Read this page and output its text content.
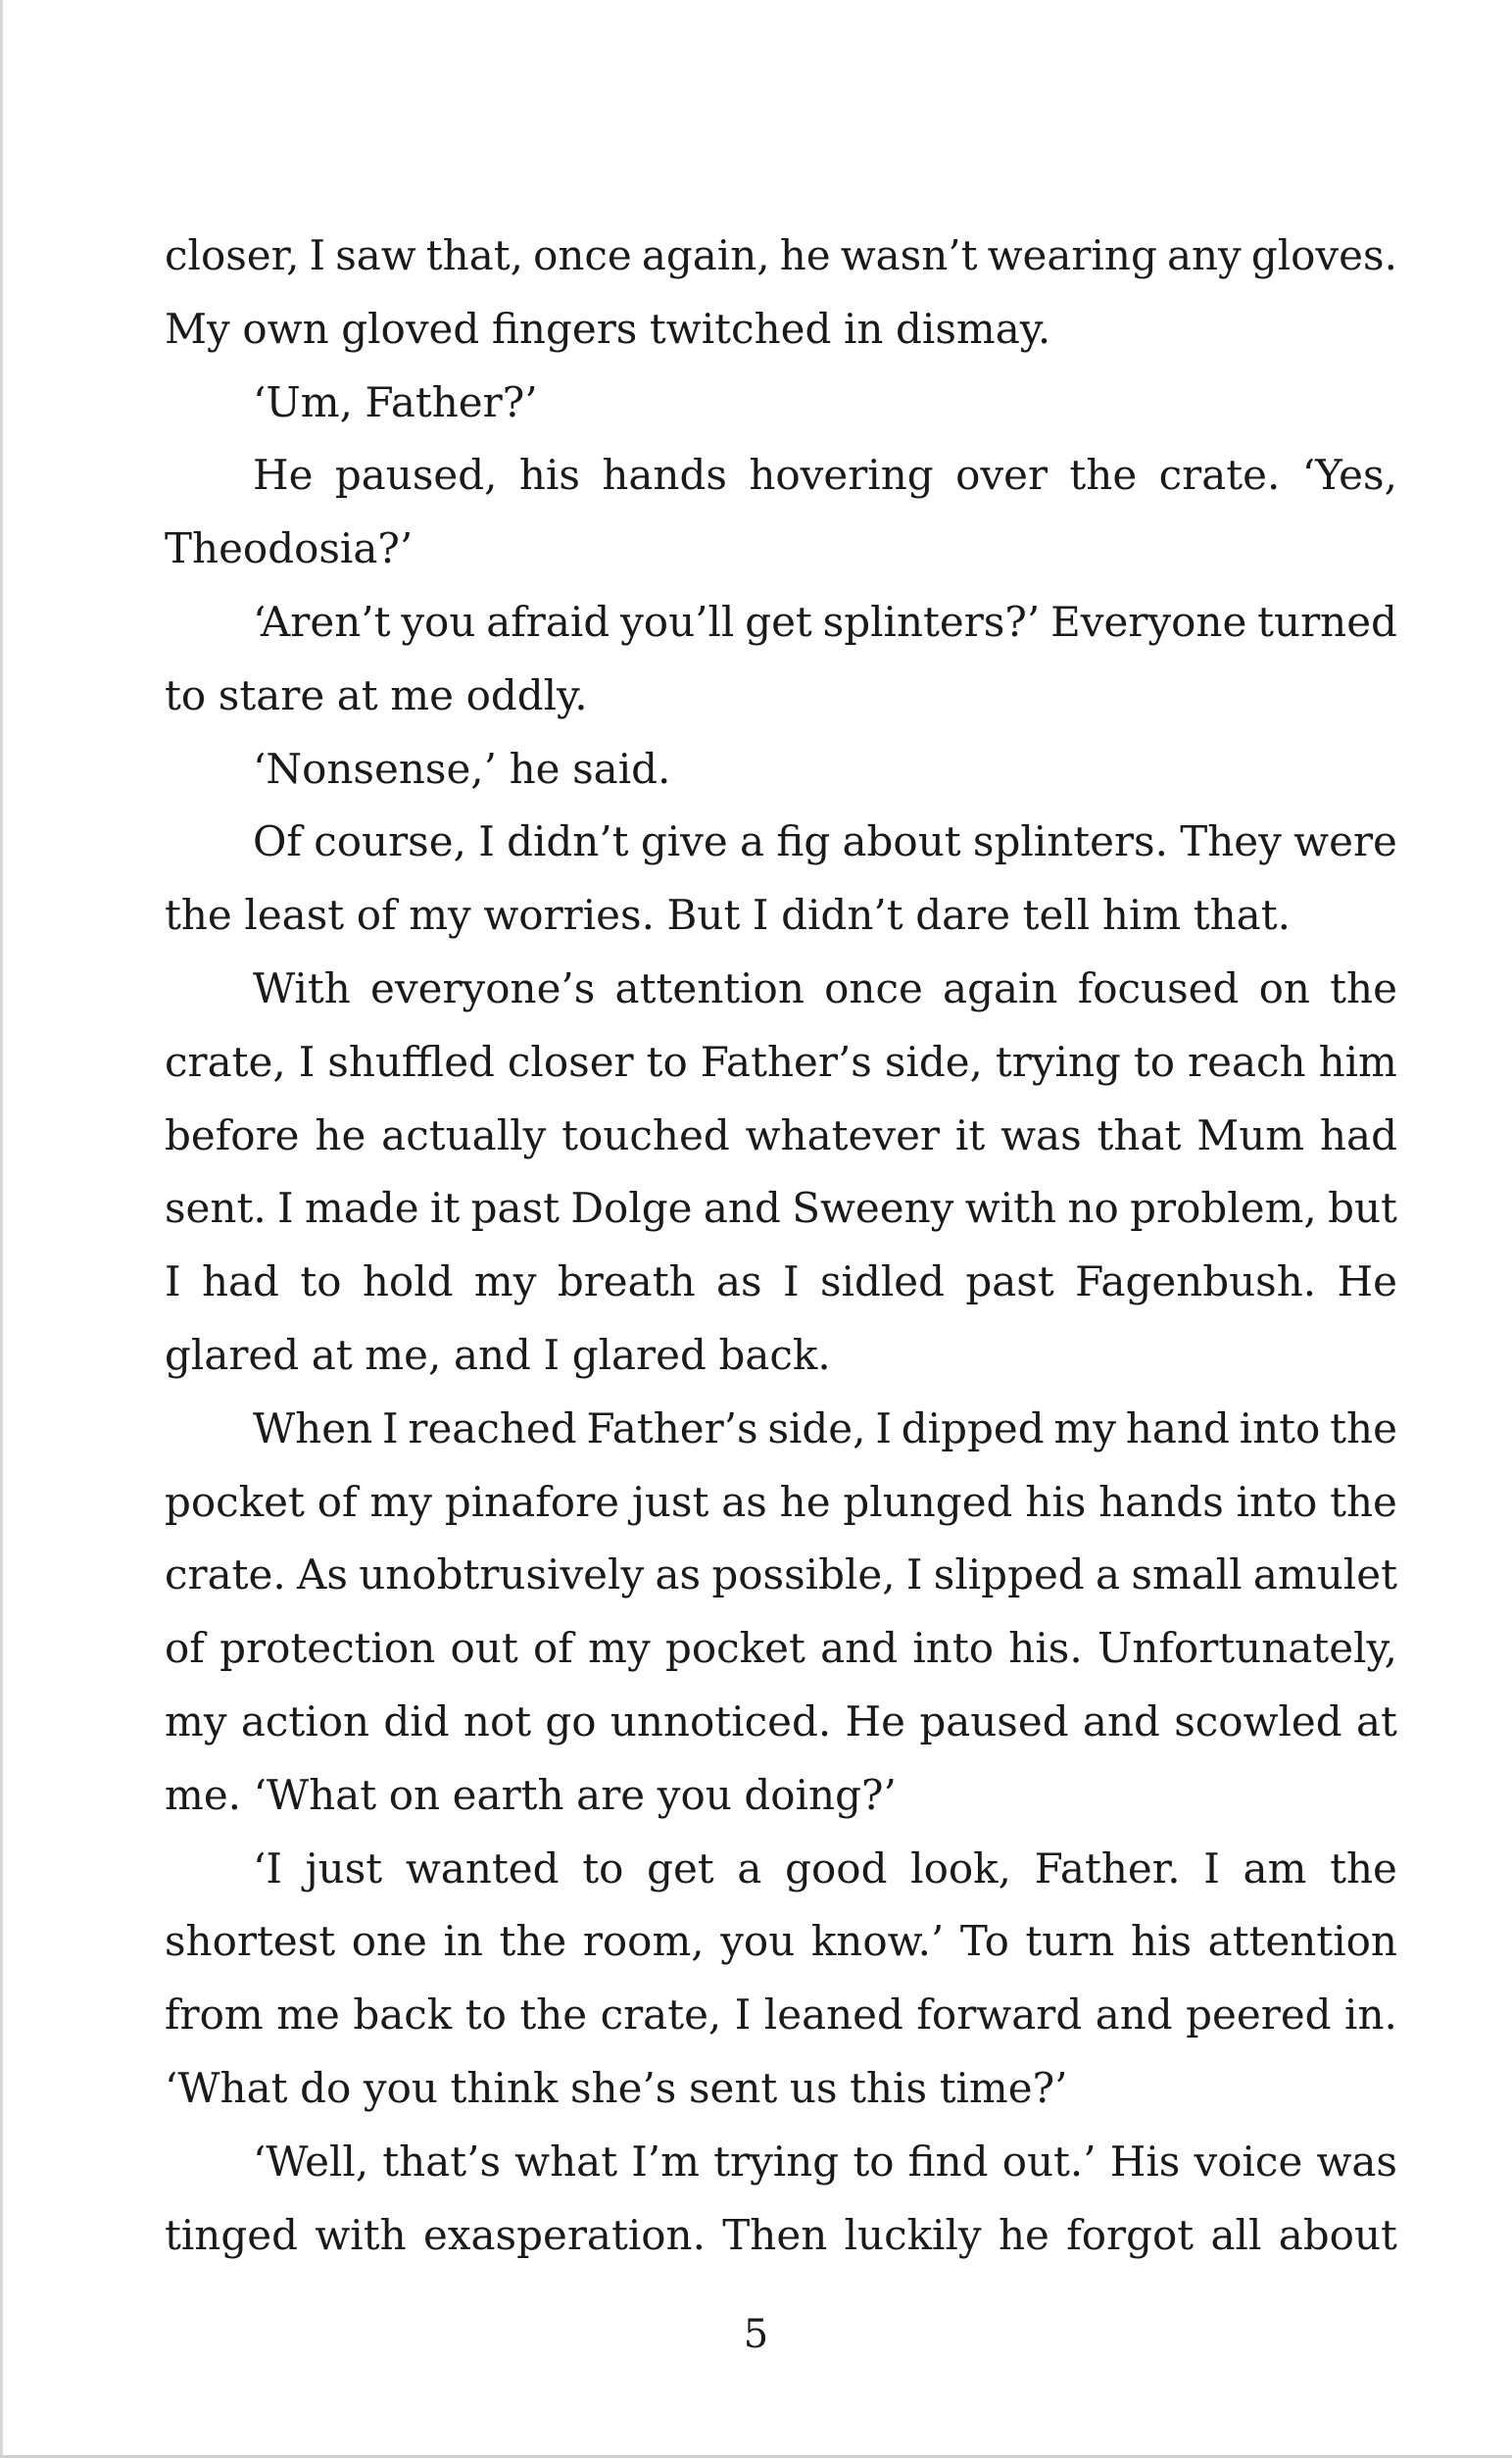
closer, I saw that, once again, he wasn’t wearing any gloves.
My own gloved fingers twitched in dismay.
‘Um, Father?’
He paused, his hands hovering over the crate. ‘Yes,
Theodosia?’
‘Aren’t you afraid you’ll get splinters?’ Everyone turned
to stare at me oddly.
‘Nonsense,’ he said.
Of course, I didn’t give a fig about splinters. They were
the least of my worries. But I didn’t dare tell him that.
With everyone’s attention once again focused on the
crate, I shuffled closer to Father’s side, trying to reach him
before he actually touched whatever it was that Mum had
sent. I made it past Dolge and Sweeny with no problem, but
I had to hold my breath as I sidled past Fagenbush. He
glared at me, and I glared back.
When I reached Father’s side, I dipped my hand into the
pocket of my pinafore just as he plunged his hands into the
crate. As unobtrusively as possible, I slipped a small amulet
of protection out of my pocket and into his. Unfortunately,
my action did not go unnoticed. He paused and scowled at
me. ‘What on earth are you doing?’
‘I just wanted to get a good look, Father. I am the
shortest one in the room, you know.’ To turn his attention
from me back to the crate, I leaned forward and peered in.
‘What do you think she’s sent us this time?’
‘Well, that’s what I’m trying to find out.’ His voice was
tinged with exasperation. Then luckily he forgot all about
5
